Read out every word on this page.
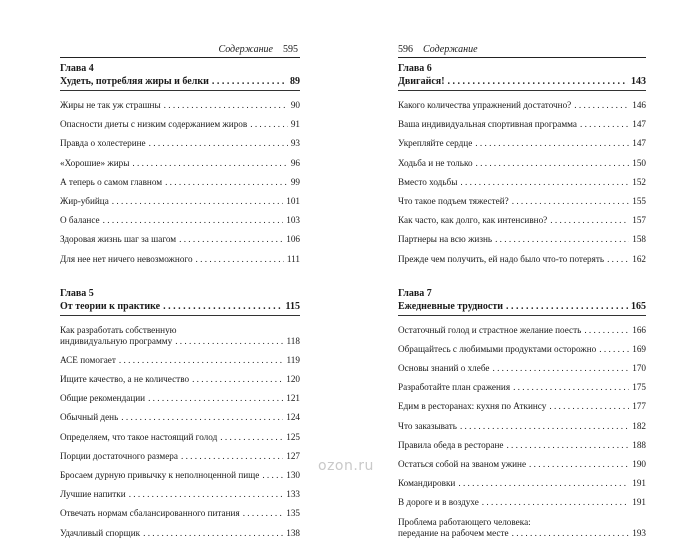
Содержание 595
Глава 4
Худеть, потребляя жиры и белки . . .	89
Жиры не так уж страшны . . .	90
Опасности диеты с низким содержанием жиров . . .	91
Правда о холестерине . . .	93
«Хорошие» жиры . . .	96
А теперь о самом главном . . .	99
Жир-убийца . . .	101
О балансе . . .	103
Здоровая жизнь шаг за шагом . . .	106
Для нее нет ничего невозможного . . .	111
Глава 5
От теории к практике . . .	115
Как разработать собственную
индивидуальную программу . . .	118
АСЕ помогает . . .	119
Ищите качество, а не количество . . .	120
Общие рекомендации . . .	121
Обычный день . . .	124
Определяем, что такое настоящий голод . . .	125
Порции достаточного размера . . .	127
Бросаем дурную привычку к неполноценной пище . . .	130
Лучшие напитки . . .	133
Отвечать нормам сбалансированного питания . . .	135
Удачливый спорщик . . .	138
596 Содержание
Глава 6
Двигайся! . . .	143
Какого количества упражнений достаточно? . . .	146
Ваша индивидуальная спортивная программа . . .	147
Укрепляйте сердце . . .	147
Ходьба и не только . . .	150
Вместо ходьбы . . .	152
Что такое подъем тяжестей? . . .	155
Как часто, как долго, как интенсивно? . . .	157
Партнеры на всю жизнь . . .	158
Прежде чем получить, ей надо было что-то потерять . . .	162
Глава 7
Ежедневные трудности . . .	165
Остаточный голод и страстное желание поесть . . .	166
Обращайтесь с любимыми продуктами осторожно . . .	169
Основы знаний о хлебе . . .	170
Разработайте план сражения . . .	175
Едим в ресторанах: кухня по Аткинсу . . .	177
Что заказывать . . .	182
Правила обеда в ресторане . . .	188
Остаться собой на званом ужине . . .	190
Командировки . . .	191
В дороге и в воздухе . . .	191
Проблема работающего человека:
передание на рабочем месте . . .	193
ozon.ru
